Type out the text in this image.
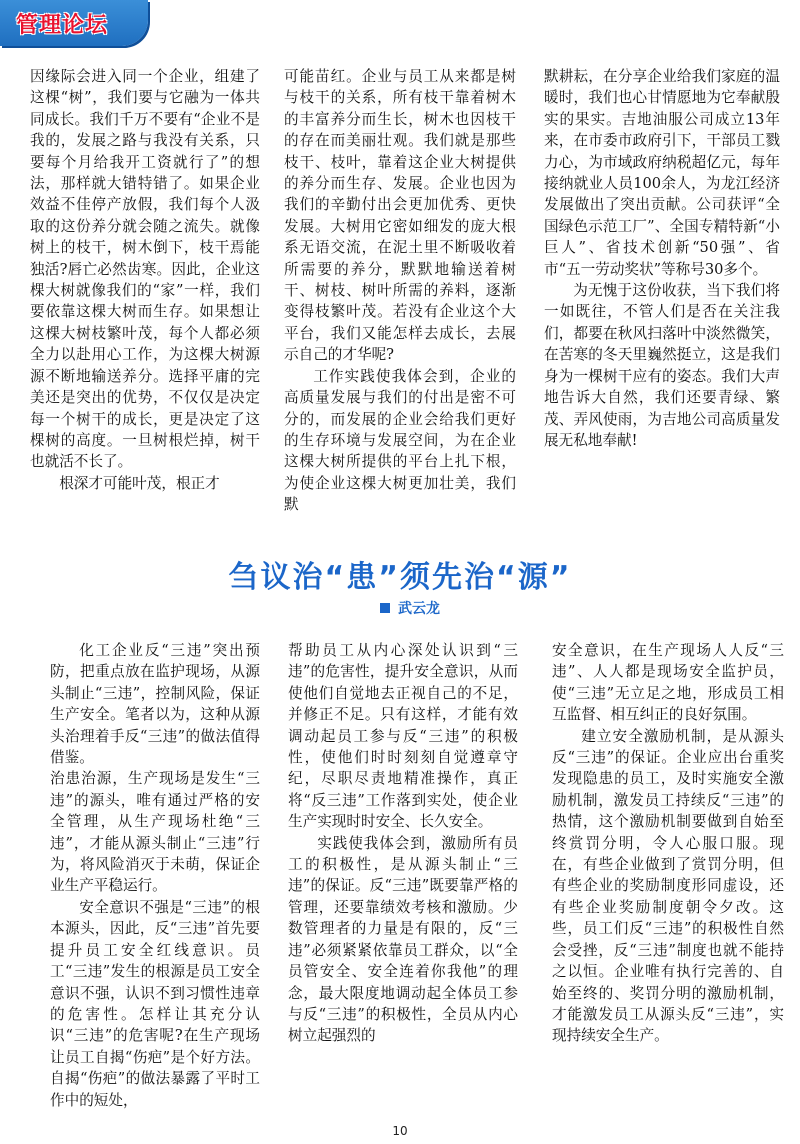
管理论坛

因缘际会进入同一个企业，组建了这棵“树”，我们要与它融为一体共同成长。我们千万不要有“企业不是我的，发展之路与我没有关系，只要每个月给我开工资就行了”的想法，那样就大错特错了。如果企业效益不佳停产放假，我们每个人汲取的这份养分就会随之流失。就像树上的枝干，树木倒下，枝干焉能独活?唇亡必然齿寒。因此，企业这棵大树就像我们的“家”一样，我们要依靠这棵大树而生存。如果想让这棵大树枝繁叶茂，每个人都必须全力以赴用心工作，为这棵大树源源不断地输送养分。选择平庸的完美还是突出的优势，不仅仅是决定每一个树干的成长，更是决定了这棵树的高度。一旦树根烂掉，树干也就活不长了。

根深才可能叶茂，根正才

可能苗红。企业与员工从来都是树与枝干的关系，所有枝干靠着树木的丰富养分而生长，树木也因枝干的存在而美丽壮观。我们就是那些枝干、枝叶，靠着这企业大树提供的养分而生存、发展。企业也因为我们的辛勤付出会更加优秀、更快发展。大树用它密如细发的庞大根系无语交流，在泥土里不断吸收着所需要的养分，默默地输送着树干、树枝、树叶所需的养料，逐渐变得枝繁叶茂。若没有企业这个大平台，我们又能怎样去成长，去展示自己的才华呢?

工作实践使我体会到，企业的高质量发展与我们的付出是密不可分的，而发展的企业会给我们更好的生存环境与发展空间，为在企业这棵大树所提供的平台上扎下根，为使企业这棵大树更加壮美，我们默

默耕耘，在分享企业给我们家庭的温暖时，我们也心甘情愿地为它奉献殷实的果实。吉地油服公司成立13年来，在市委市政府引下，干部员工戮力心，为市域政府纳税超亿元，每年接纳就业人员100余人，为龙江经济发展做出了突出贡献。公司获评“全国绿色示范工厂”、全国专精特新“小巨人”、省技术创新“50强”、省市“五一劳动奖状”等称号30多个。

为无愧于这份收获，当下我们将一如既往，不管人们是否在关注我们，都要在秋风扫落叶中淡然微笑，在苦寒的冬天里巍然挺立，这是我们身为一棵树干应有的姿态。我们大声地告诉大自然，我们还要青绿、繁茂、弄风使雨，为吉地公司高质量发展无私地奉献!

刍议治“患”须先治“源”
武云龙

化工企业反“三违”突出预防，把重点放在监护现场，从源头制止“三违”，控制风险，保证生产安全。笔者以为，这种从源头治理着手反“三违”的做法值得借鉴。

治患治源，生产现场是发生“三违”的源头，唯有通过严格的安全管理，从生产现场杜绝“三违”，才能从源头制止“三违”行为，将风险消灭于未萌，保证企业生产平稳运行。

安全意识不强是“三违”的根本源头，因此，反“三违”首先要提升员工安全红线意识。员工“三违”发生的根源是员工安全意识不强，认识不到习惯性违章的危害性。怎样让其充分认识“三违”的危害呢?在生产现场让员工自揭“伤疤”是个好方法。自揭“伤疤”的做法暴露了平时工作中的短处，

帮助员工从内心深处认识到“三违”的危害性，提升安全意识，从而使他们自觉地去正视自己的不足，并修正不足。只有这样，才能有效调动起员工参与反“三违”的积极性，使他们时时刻刻自觉遵章守纪，尽职尽责地精准操作，真正将“反三违”工作落到实处，使企业生产实现时时安全、长久安全。

实践使我体会到，激励所有员工的积极性，是从源头制止“三违”的保证。反“三违”既要靠严格的管理，还要靠绩效考核和激励。少数管理者的力量是有限的，反“三违”必须紧紧依靠员工群众，以“全员管安全、安全连着你我他”的理念，最大限度地调动起全体员工参与反“三违”的积极性，全员从内心树立起强烈的

安全意识，在生产现场人人反“三违”、人人都是现场安全监护员，使“三违”无立足之地，形成员工相互监督、相互纠正的良好氛围。

建立安全激励机制，是从源头反“三违”的保证。企业应出台重奖发现隐患的员工，及时实施安全激励机制，激发员工持续反“三违”的热情，这个激励机制要做到自始至终赏罚分明，令人心服口服。现在，有些企业做到了赏罚分明，但有些企业的奖励制度形同虚设，还有些企业奖励制度朝令夕改。这些，员工们反“三违”的积极性自然会受挫，反“三违”制度也就不能持之以恒。企业唯有执行完善的、自始至终的、奖罚分明的激励机制，才能激发员工从源头反“三违”，实现持续安全生产。

10
